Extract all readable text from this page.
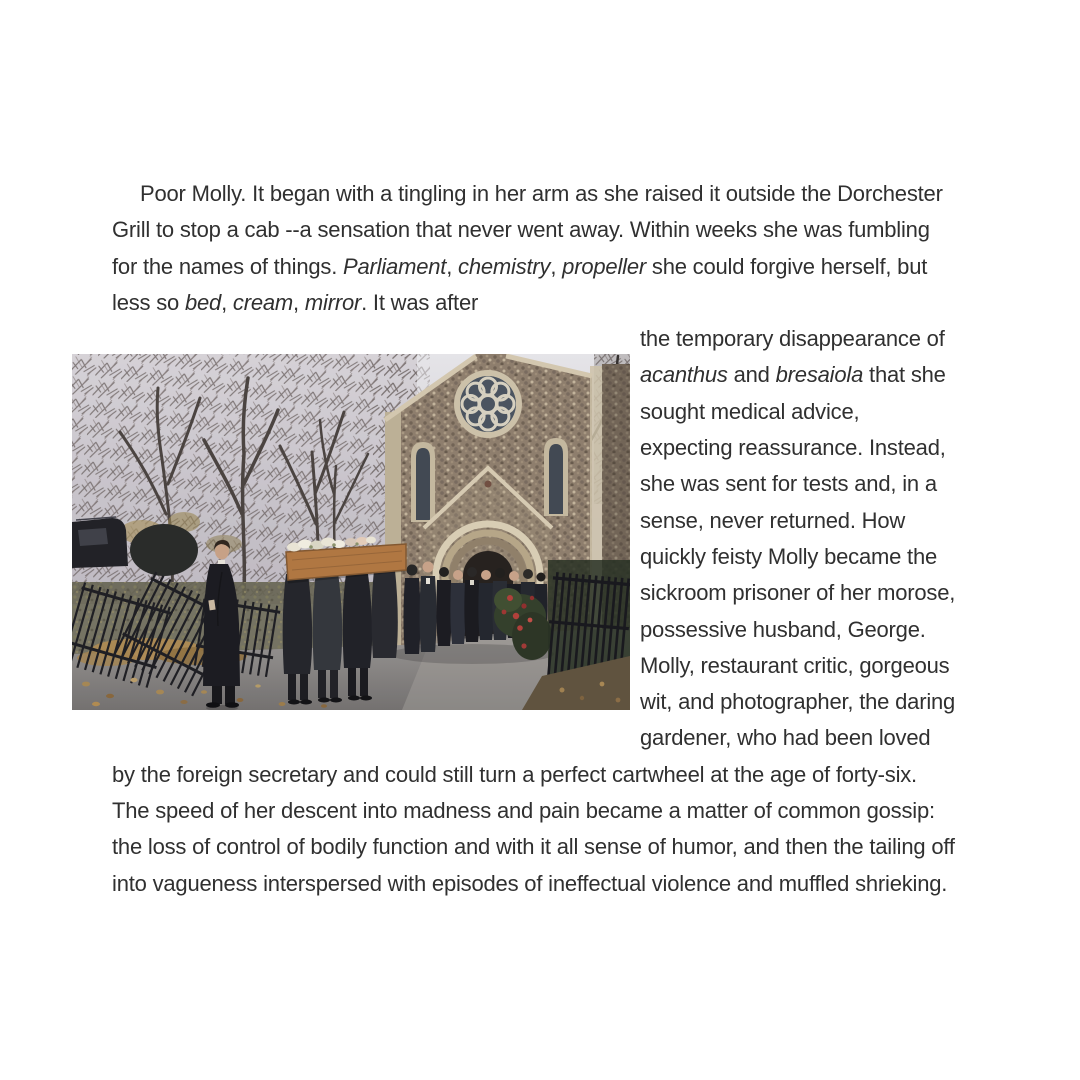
Poor Molly. It began with a tingling in her arm as she raised it outside the Dorchester Grill to stop a cab --a sensation that never went away. Within weeks she was fumbling for the names of things. Parliament, chemistry, propeller she could forgive herself, but less so bed, cream, mirror. It was after

the temporary disappearance of acanthus and bresaiola that she sought medical advice, expecting reassurance. Instead, she was sent for tests and, in a sense, never returned. How quickly feisty Molly became the sickroom prisoner of her morose, possessive husband, George. Molly, restaurant critic, gorgeous wit, and photographer, the daring gardener, who had been loved by the foreign secretary and could still turn a perfect cartwheel at the age of forty-six. The speed of her descent into madness and pain became a matter of common gossip: the loss of control of bodily function and with it all sense of humor, and then the tailing off into vagueness interspersed with episodes of ineffectual violence and muffled shrieking.
